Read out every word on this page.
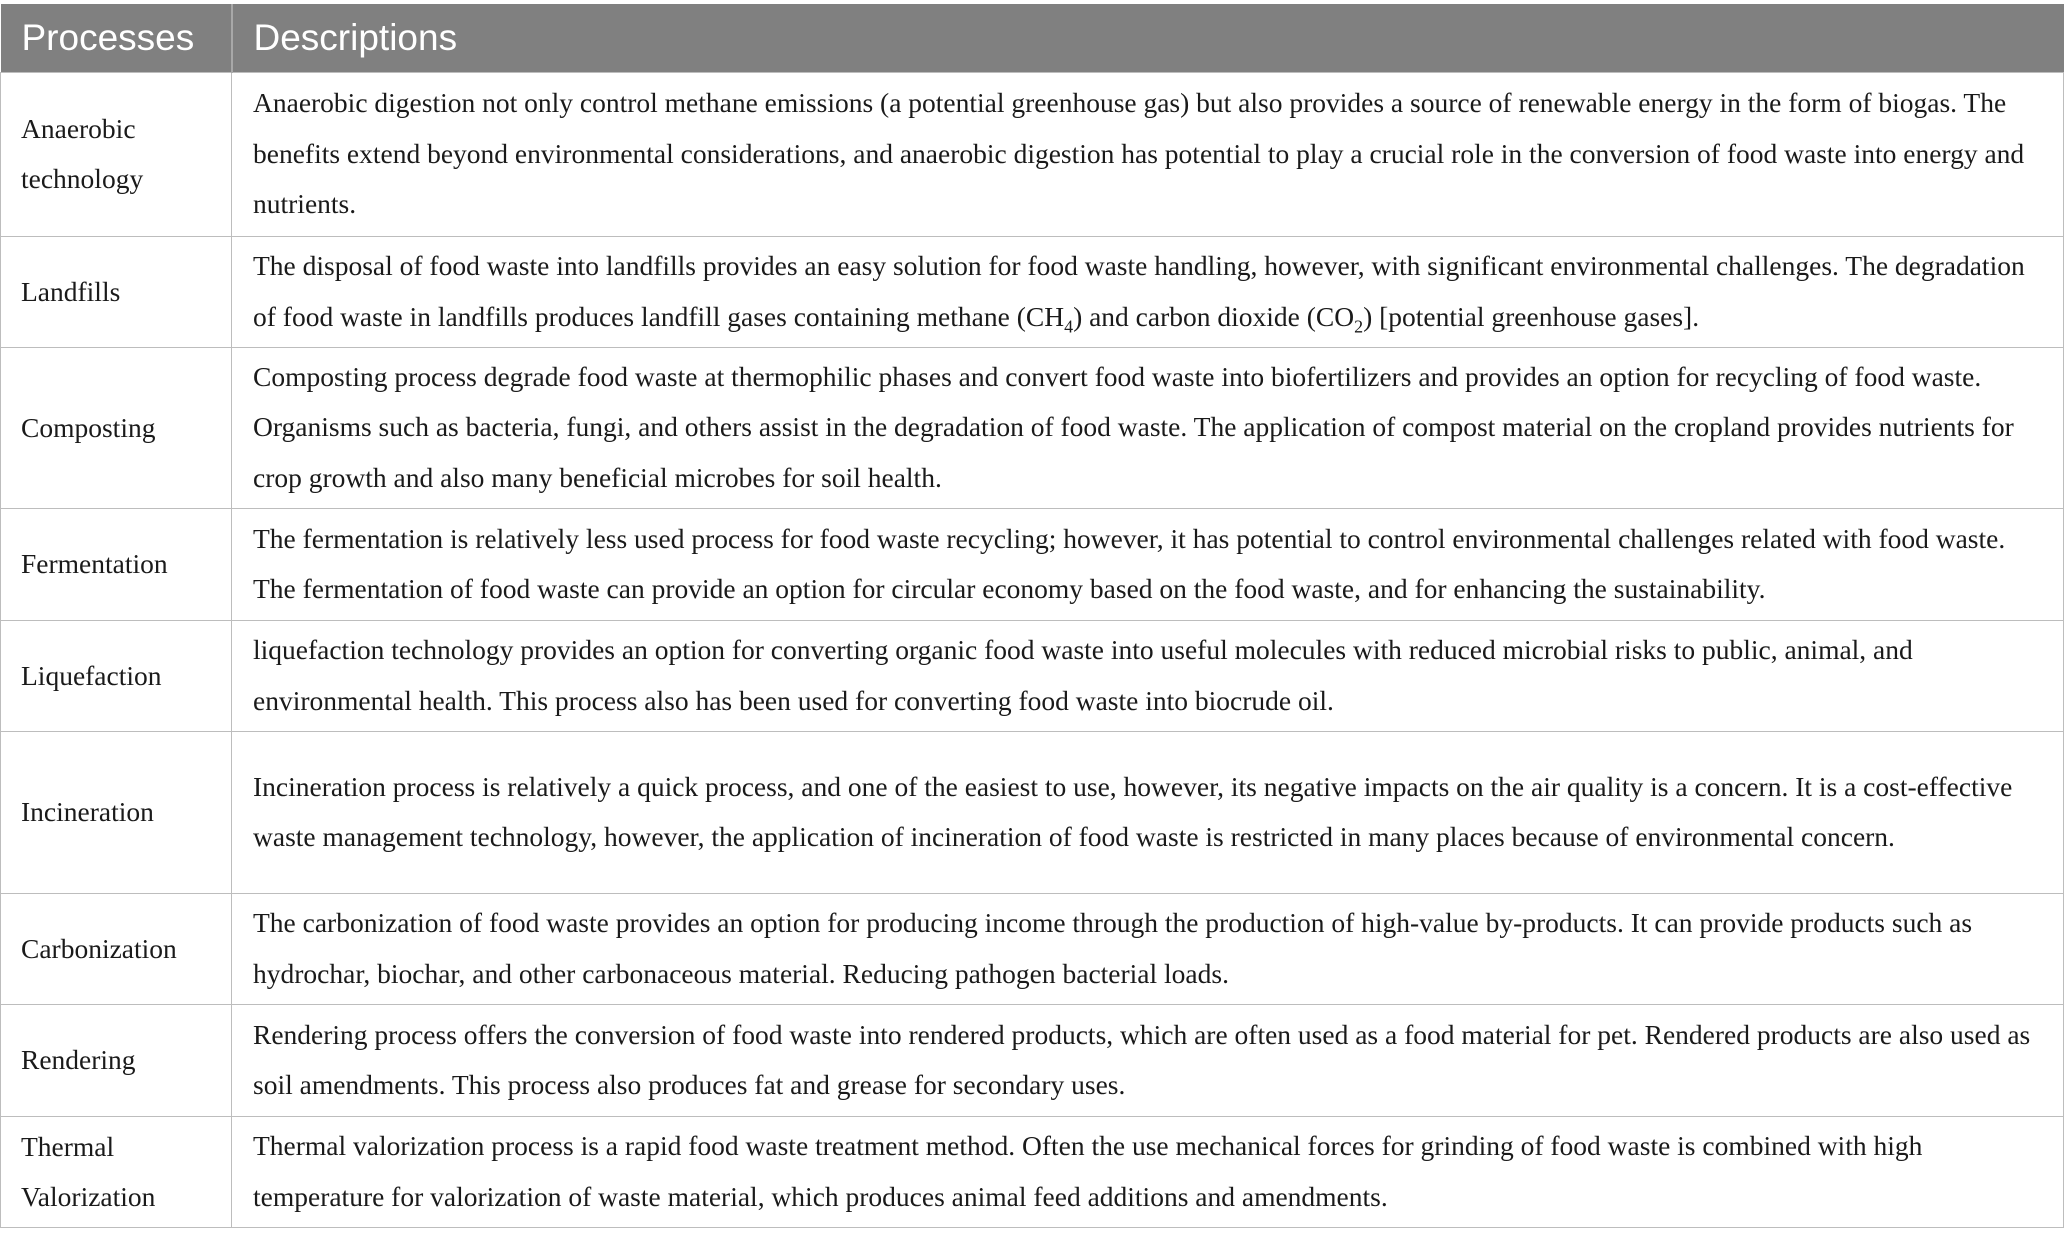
Processes	Descriptions
Anaerobic technology	Anaerobic digestion not only control methane emissions (a potential greenhouse gas) but also provides a source of renewable energy in the form of biogas. The benefits extend beyond environmental considerations, and anaerobic digestion has potential to play a crucial role in the conversion of food waste into energy and nutrients.
Landfills	The disposal of food waste into landfills provides an easy solution for food waste handling, however, with significant environmental challenges. The degradation of food waste in landfills produces landfill gases containing methane $(CH_4)$ and carbon dioxide $(CO_2)$ [potential greenhouse gases].
Composting	Composting process degrade food waste at thermophilic phases and convert food waste into biofertilizers and provides an option for recycling of food waste. Organisms such as bacteria, fungi, and others assist in the degradation of food waste. The application of compost material on the cropland provides nutrients for crop growth and also many beneficial microbes for soil health.
Fermentation	The fermentation is relatively less used process for food waste recycling; however, it has potential to control environmental challenges related with food waste. The fermentation of food waste can provide an option for circular economy based on the food waste, and for enhancing the sustainability.
Liquefaction	liquefaction technology provides an option for converting organic food waste into useful molecules with reduced microbial risks to public, animal, and environmental health. This process also has been used for converting food waste into biocrude oil.
Incineration	Incineration process is relatively a quick process, and one of the easiest to use, however, its negative impacts on the air quality is a concern. It is a cost-effective waste management technology, however, the application of incineration of food waste is restricted in many places because of environmental concern.
Carbonization	The carbonization of food waste provides an option for producing income through the production of high-value by-products. It can provide products such as hydrochar, biochar, and other carbonaceous material. Reducing pathogen bacterial loads.
Rendering	Rendering process offers the conversion of food waste into rendered products, which are often used as a food material for pet. Rendered products are also used as soil amendments. This process also produces fat and grease for secondary uses.
Thermal Valorization	Thermal valorization process is a rapid food waste treatment method. Often the use mechanical forces for grinding of food waste is combined with high temperature for valorization of waste material, which produces animal feed additions and amendments.
